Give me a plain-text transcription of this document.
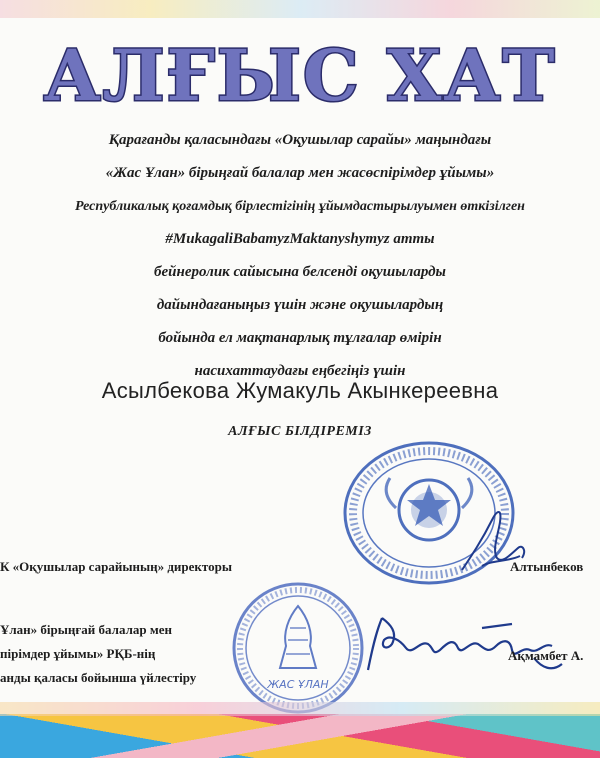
АЛҒЫС ХАТ
Қарағанды қаласындағы «Оқушылар сарайы» маңындағы
«Жас Ұлан» бірыңғай балалар мен жасөспірімдер ұйымы»
Республикалық қоғамдық бірлестігінің ұйымдастырылуымен өткізілген
#MukagaliBabamyzMaktanyshymyz атты
бейнеролик сайысына белсенді оқушыларды
дайындағаныңыз үшін және оқушылардың
бойында ел мақтанарлық тұлғалар өмірін
насихаттаудағы еңбегіңіз үшін
Асылбекова Жумакуль Акынкереевна
АЛҒЫС БІЛДІРЕМІЗ
К «Оқушылар сарайының» директоры	Алтынбеков
ЖАС ҰЛАН
Ұлан» бірыңғай балалар мен
пірімдер ұйымы» РҚБ-нің
анды қаласы бойынша үйлестіру
Ақмамбет А.
